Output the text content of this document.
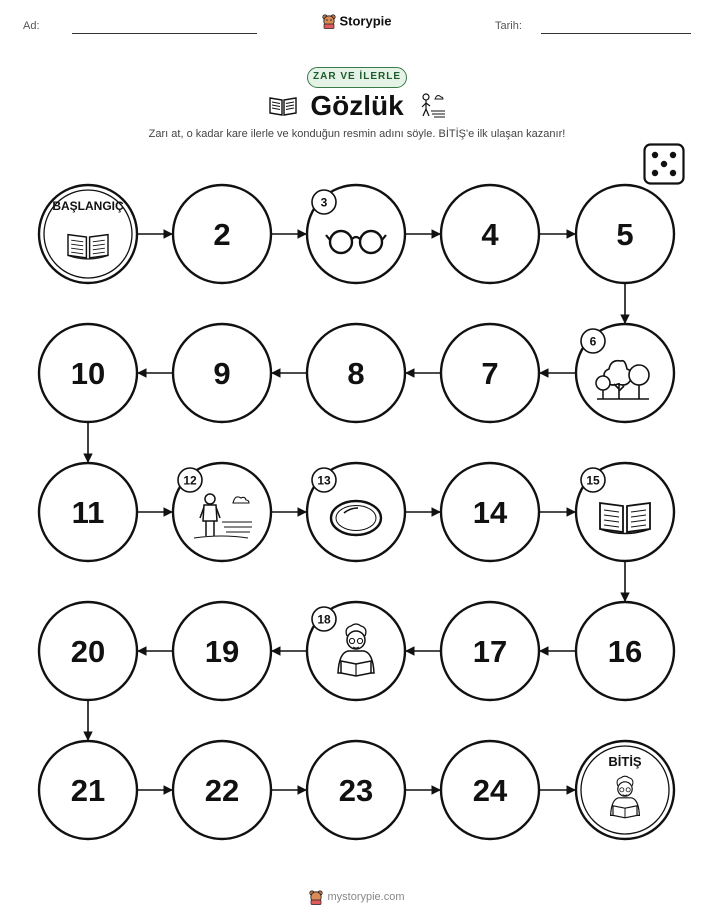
Ad:	Tarih:
Storypie
ZAR VE İLERLE
Gözlük
Zarı at, o kadar kare ilerle ve konduğun resmin adını söyle. BİTİŞ'e ilk ulaşan kazanır!
BAŞLANGIÇ
2
3
4	5
6
7
8
9
10
11
12	13
14
15
16
17
18
19
20
21	22	23	24
BİTİŞ
mystorypie.com
